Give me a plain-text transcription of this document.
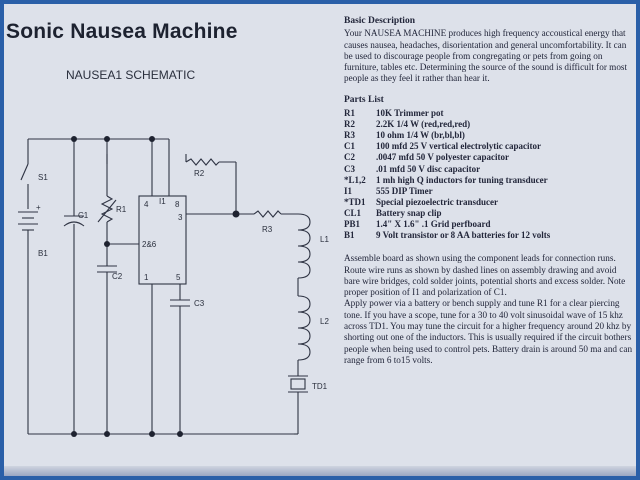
Sonic Nausea Machine
NAUSEA1 SCHEMATIC
S1
+
B1
C1
R1
C2
2&6
4 I1 8
3
1	5
R2
C3
R3
L1
L2
TD1
Basic Description

Your NAUSEA MACHINE produces high frequency accoustical energy that causes nausea, headaches, disorientation and general uncomfortability. It can be used to discourage people from congregating or pets from going on furniture, tables etc. Determining the source of the sound is difficult for most people as they feel it rather than hear it.

Parts List
R1	10K Trimmer pot
R2	2.2K 1/4 W (red,red,red)
R3	10 ohm 1/4 W (br,bl,bl)
C1	100 mfd 25 V vertical electrolytic capacitor
C2	.0047 mfd 50 V polyester capacitor
C3	.01 mfd 50 V disc capacitor
*L1,2	1 mh high Q inductors for tuning transducer
I1	555 DIP Timer
*TD1	Special piezoelectric transducer
CL1	Battery snap clip
PB1	1.4" X 1.6" .1 Grid perfboard
B1	9 Volt transistor or 8 AA batteries for 12 volts

Assemble board as shown using the component leads for connection runs. Route wire runs as shown by dashed lines on assembly drawing and avoid bare wire bridges, cold solder joints, potential shorts and excess solder. Note proper position of I1 and polarization of C1.

Apply power via a battery or bench supply and tune R1 for a clear piercing tone. If you have a scope, tune for a 30 to 40 volt sinusoidal wave of 15 khz across TD1. You may tune the circuit for a higher frequency around 20 khz by shorting out one of the inductors. This is usually required if the circuit bothers people when being used to control pets. Battery drain is around 50 ma and can range from 6 to15 volts.
